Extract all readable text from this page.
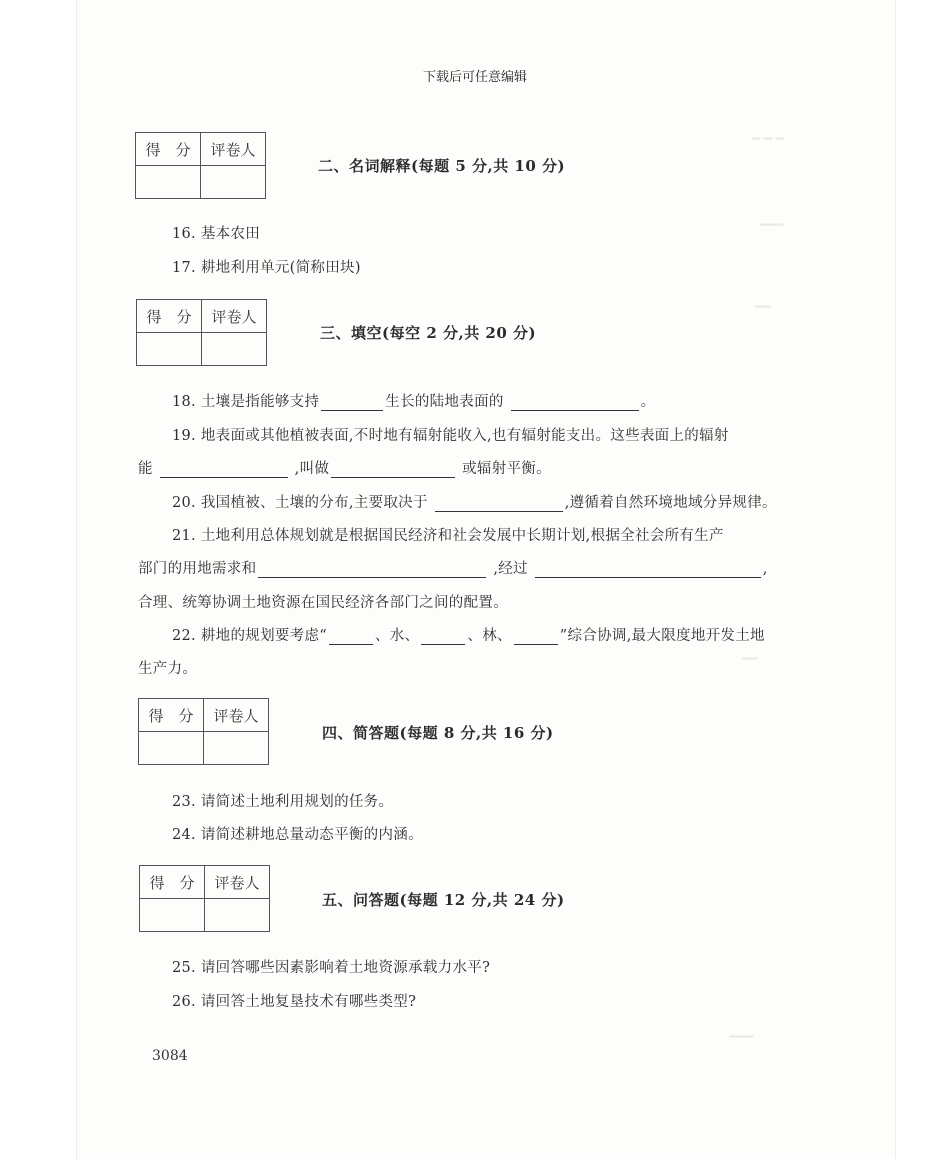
━ ━ ━
━━━
━━
━━
━━━
下载后可任意编辑
得　分	评卷人

二、名词解释(每题 5 分,共 10 分)
16. 基本农田
17. 耕地利用单元(简称田块)
得　分	评卷人

三、填空(每空 2 分,共 20 分)
18. 土壤是指能够支持	生长的陆地表面的	。
19. 地表面或其他植被表面,不时地有辐射能收入,也有辐射能支出。这些表面上的辐射
能	,叫做	或辐射平衡。
20. 我国植被、土壤的分布,主要取决于	,遵循着自然环境地域分异规律。
21. 土地利用总体规划就是根据国民经济和社会发展中长期计划,根据全社会所有生产
部门的用地需求和	,经过	,
合理、统筹协调土地资源在国民经济各部门之间的配置。
22. 耕地的规划要考虑“	、水、	、林、	”综合协调,最大限度地开发土地
生产力。
得　分	评卷人

四、简答题(每题 8 分,共 16 分)
23. 请简述土地利用规划的任务。
24. 请简述耕地总量动态平衡的内涵。
得　分	评卷人

五、问答题(每题 12 分,共 24 分)
25. 请回答哪些因素影响着土地资源承载力水平?
26. 请回答土地复垦技术有哪些类型?
3084
